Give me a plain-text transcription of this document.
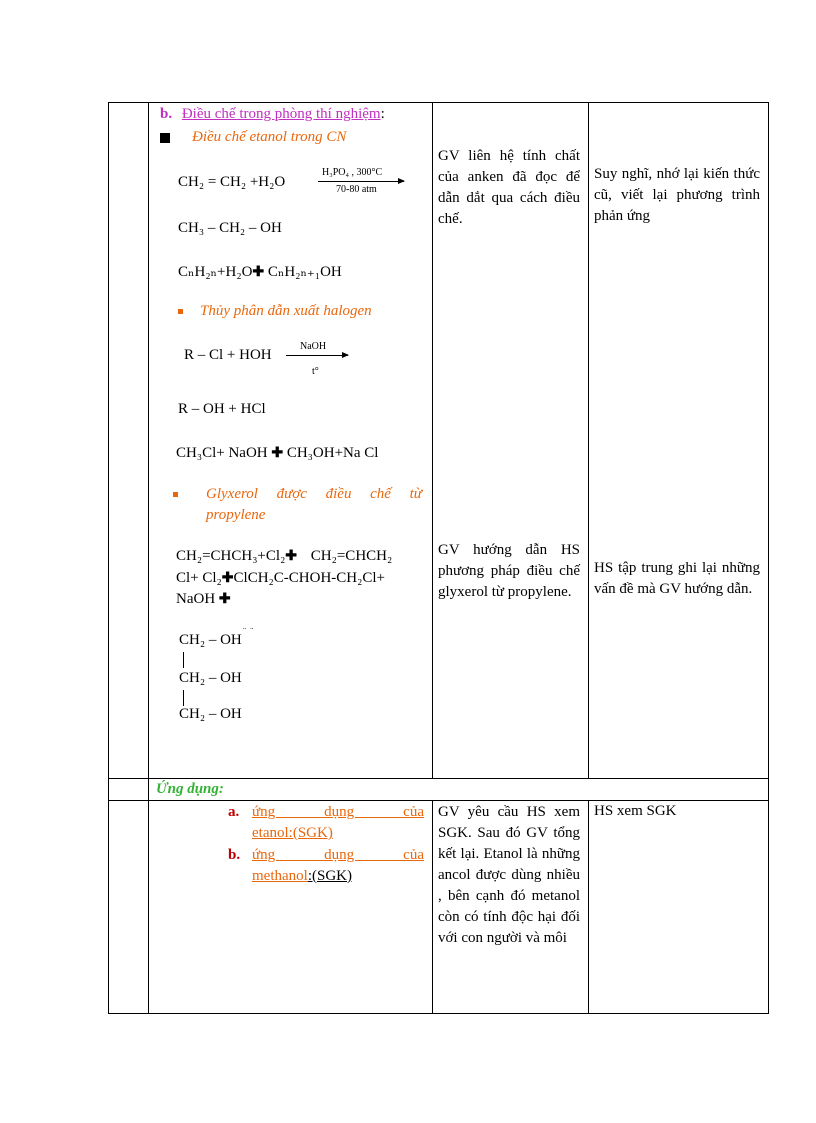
b. Điều chế trong phòng thí nghiệm:
Điều chế etanol trong CN
CH₂ = CH₂ +H₂O
H₃PO₄ , 300°C
70-80 atm
CH₃ – CH₂ – OH
CₙH₂ₙ+H₂O✚ CₙH₂ₙ₊₁OH
Thủy phân dẫn xuất halogen
R – Cl + HOH
NaOH
t°
R – OH + HCl
CH₃Cl+ NaOH ✚ CH₃OH+Na Cl
Glyxerol được điều chế từ propylene
CH₂=CHCH₃+Cl₂✚ CH₂=CHCH₂
Cl+ Cl₂✚ClCH₂C-CHOH-CH₂Cl+
NaOH ✚
CH₂ – OH
¨ ¨
CH₂ – OH
CH₂ – OH
GV liên hệ tính chất của anken đã đọc để dẫn dắt qua cách điều chế.
Suy nghĩ, nhớ lại kiến thức cũ, viết lại phương trình phản ứng
GV hướng dẫn HS phương pháp điều chế glyxerol từ propylene.
HS tập trung ghi lại những vấn đề mà GV hướng dẫn.
Ứng dụng:
a. ứng dụng của
etanol:(SGK)
b. ứng dụng của
methanol:(SGK)
GV yêu cầu HS xem SGK. Sau đó GV tổng kết lại. Etanol là những ancol được dùng nhiều , bên cạnh đó metanol còn có tính độc hại đối với con người và môi
HS xem SGK
